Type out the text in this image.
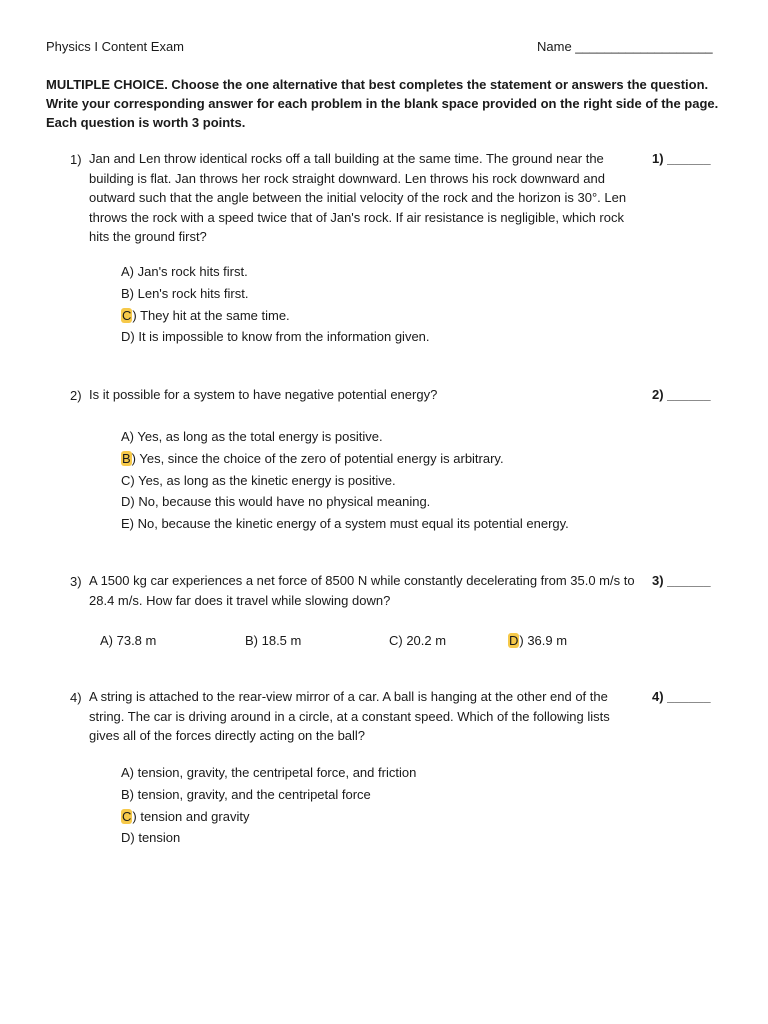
Physics I Content Exam	Name ___________________
MULTIPLE CHOICE. Choose the one alternative that best completes the statement or answers the question. Write your corresponding answer for each problem in the blank space provided on the right side of the page. Each question is worth 3 points.
1) Jan and Len throw identical rocks off a tall building at the same time. The ground near the building is flat. Jan throws her rock straight downward. Len throws his rock downward and outward such that the angle between the initial velocity of the rock and the horizon is 30°. Len throws the rock with a speed twice that of Jan's rock. If air resistance is negligible, which rock hits the ground first?
1) ______
A) Jan's rock hits first.
B) Len's rock hits first.
C) They hit at the same time.
D) It is impossible to know from the information given.
2) Is it possible for a system to have negative potential energy?	2) ______
A) Yes, as long as the total energy is positive.
B) Yes, since the choice of the zero of potential energy is arbitrary.
C) Yes, as long as the kinetic energy is positive.
D) No, because this would have no physical meaning.
E) No, because the kinetic energy of a system must equal its potential energy.
3) A 1500 kg car experiences a net force of 8500 N while constantly decelerating from 35.0 m/s to 28.4 m/s. How far does it travel while slowing down?
3) ______
A) 73.8 m	B) 18.5 m	C) 20.2 m	D) 36.9 m
4) A string is attached to the rear-view mirror of a car. A ball is hanging at the other end of the string. The car is driving around in a circle, at a constant speed. Which of the following lists gives all of the forces directly acting on the ball?
4) ______
A) tension, gravity, the centripetal force, and friction
B) tension, gravity, and the centripetal force
C) tension and gravity
D) tension
